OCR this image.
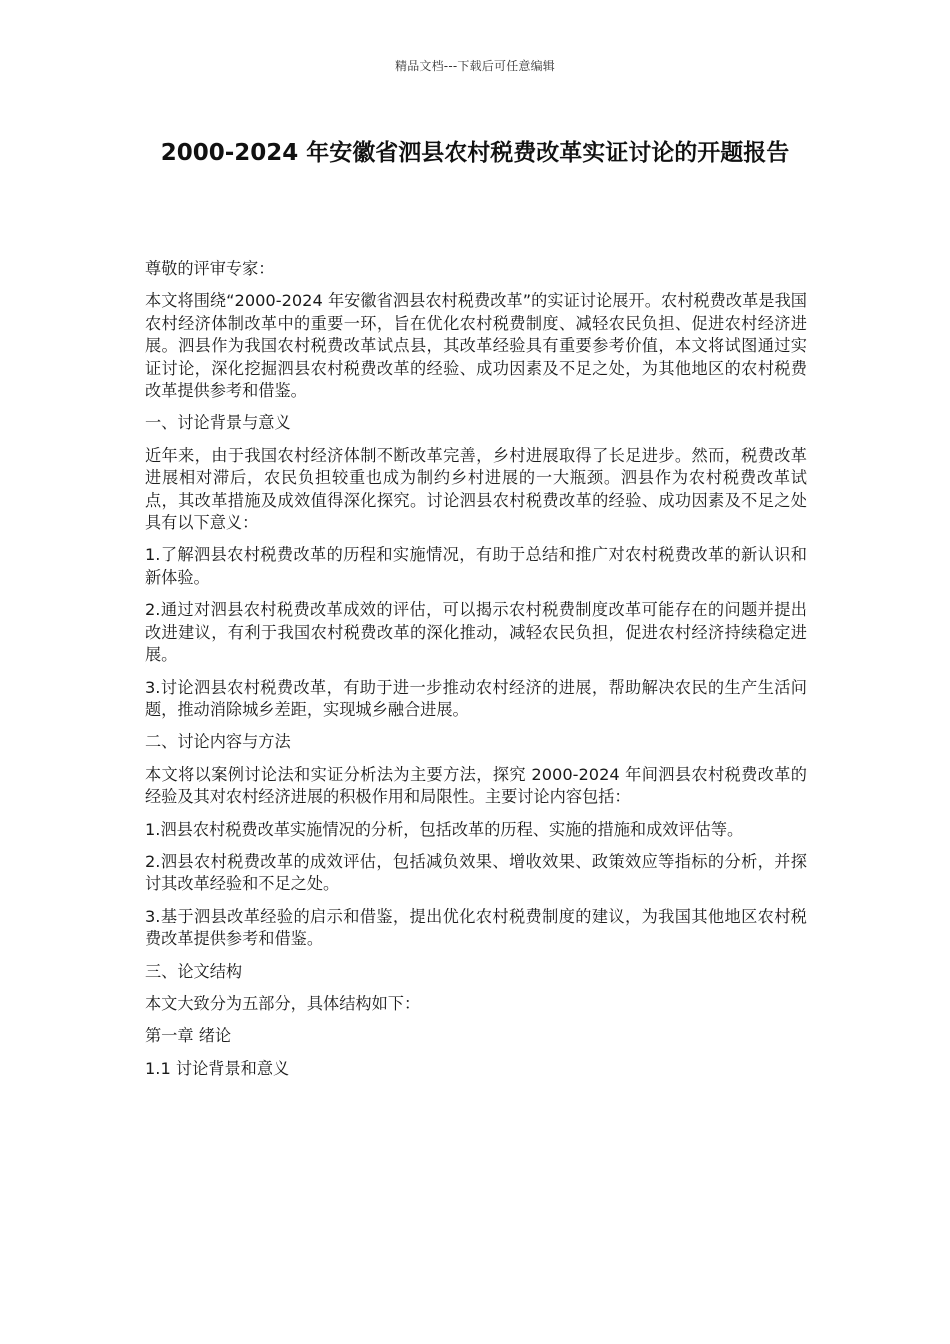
精品文档---下载后可任意编辑
2000-2024 年安徽省泗县农村税费改革实证讨论的开题报告

尊敬的评审专家：

本文将围绕“2000-2024 年安徽省泗县农村税费改革”的实证讨论展开。农村税费改革是我国农村经济体制改革中的重要一环，旨在优化农村税费制度、减轻农民负担、促进农村经济进展。泗县作为我国农村税费改革试点县，其改革经验具有重要参考价值，本文将试图通过实证讨论，深化挖掘泗县农村税费改革的经验、成功因素及不足之处，为其他地区的农村税费改革提供参考和借鉴。

一、讨论背景与意义

近年来，由于我国农村经济体制不断改革完善，乡村进展取得了长足进步。然而，税费改革进展相对滞后，农民负担较重也成为制约乡村进展的一大瓶颈。泗县作为农村税费改革试点，其改革措施及成效值得深化探究。讨论泗县农村税费改革的经验、成功因素及不足之处具有以下意义：

1.了解泗县农村税费改革的历程和实施情况，有助于总结和推广对农村税费改革的新认识和新体验。

2.通过对泗县农村税费改革成效的评估，可以揭示农村税费制度改革可能存在的问题并提出改进建议，有利于我国农村税费改革的深化推动，减轻农民负担，促进农村经济持续稳定进展。

3.讨论泗县农村税费改革，有助于进一步推动农村经济的进展，帮助解决农民的生产生活问题，推动消除城乡差距，实现城乡融合进展。

二、讨论内容与方法

本文将以案例讨论法和实证分析法为主要方法，探究 2000-2024 年间泗县农村税费改革的经验及其对农村经济进展的积极作用和局限性。主要讨论内容包括：

1.泗县农村税费改革实施情况的分析，包括改革的历程、实施的措施和成效评估等。

2.泗县农村税费改革的成效评估，包括减负效果、增收效果、政策效应等指标的分析，并探讨其改革经验和不足之处。

3.基于泗县改革经验的启示和借鉴，提出优化农村税费制度的建议，为我国其他地区农村税费改革提供参考和借鉴。

三、论文结构

本文大致分为五部分，具体结构如下：

第一章 绪论

1.1 讨论背景和意义
